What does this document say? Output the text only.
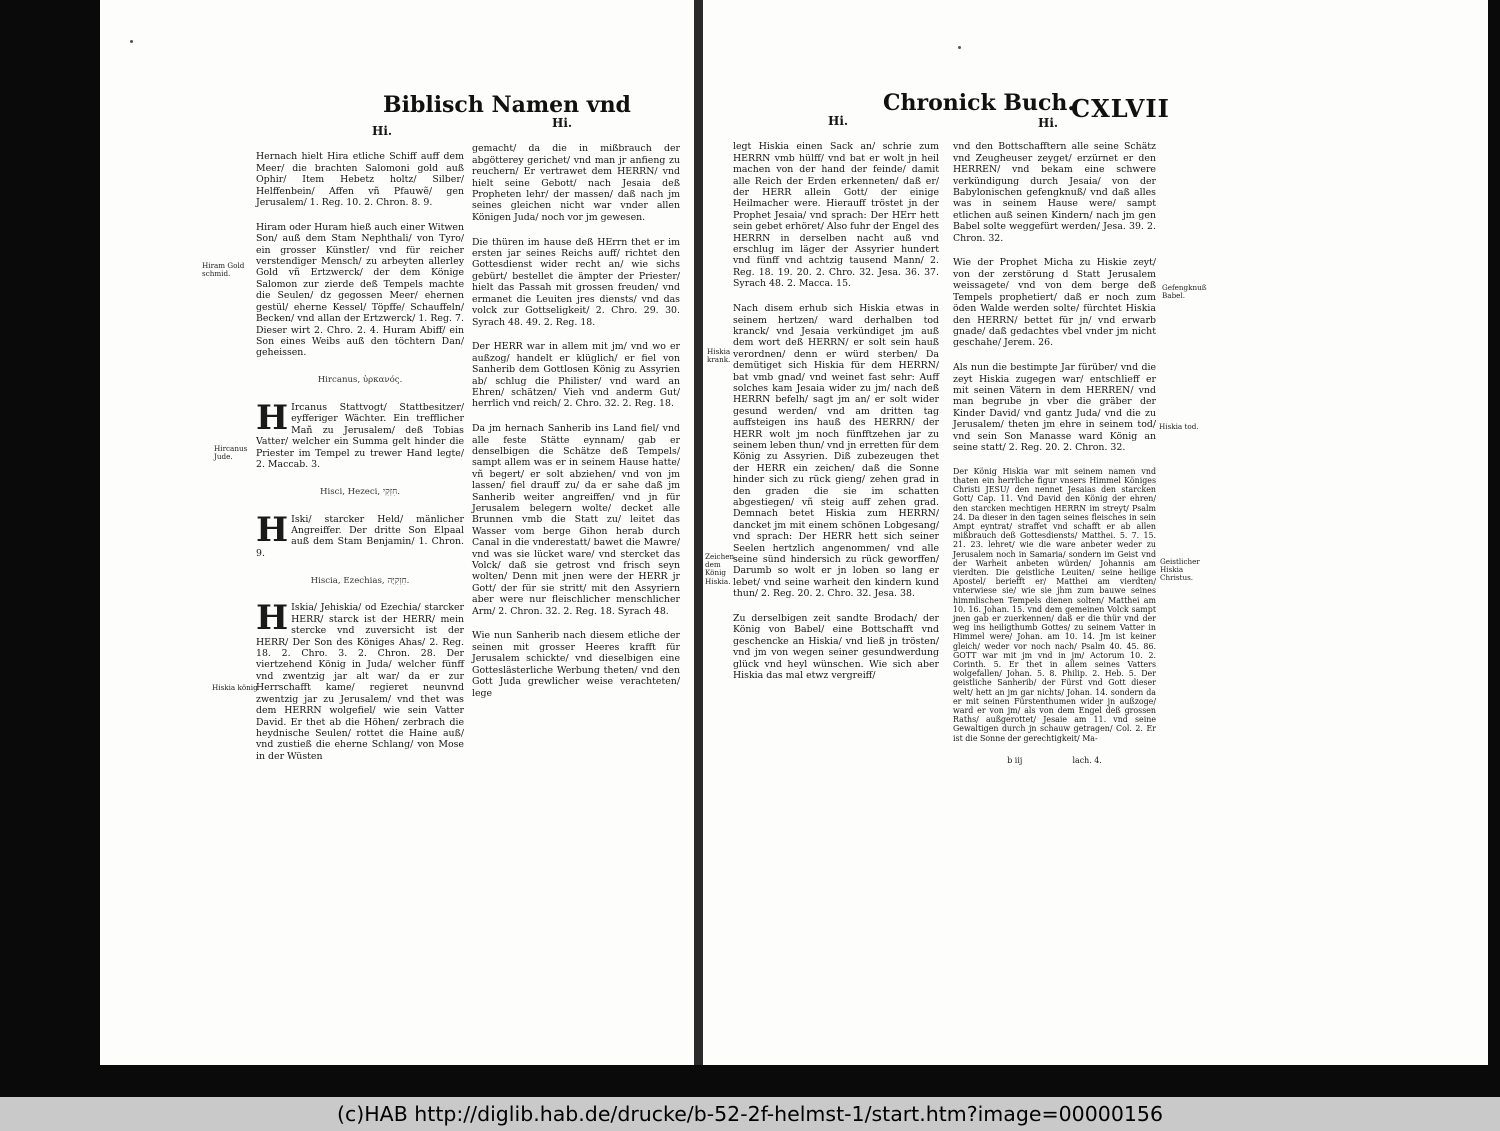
Biblisch Namen vnd
Hi.
Hi.
Hiram Gold schmid.
Hircanus Jude.
Hiskia könig

Hernach hielt Hira etliche Schiff auff dem Meer/ die brachten Salomoni gold auß Ophir/ Item Hebetz holtz/ Silber/ Helffenbein/ Affen vñ Pfauwẽ/ gen Jerusalem/ 1. Reg. 10. 2. Chron. 8. 9.

Hiram oder Huram hieß auch einer Witwen Son/ auß dem Stam Nephthali/ von Tyro/ ein grosser Künstler/ vnd für reicher verstendiger Mensch/ zu arbeyten allerley Gold vñ Ertzwerck/ der dem Könige Salomon zur zierde deß Tempels machte die Seulen/ dz gegossen Meer/ ehernen gestül/ eherne Kessel/ Töpffe/ Schauffeln/ Becken/ vnd allan der Ertzwerck/ 1. Reg. 7. Dieser wirt 2. Chro. 2. 4. Huram Abiff/ ein Son eines Weibs auß den töchtern Dan/ geheissen.

Hircanus, ὑρκανός.

H Ircanus Stattvogt/ Stattbesitzer/ eyfferiger Wächter. Ein trefflicher Mañ zu Jerusalem/ deß Tobias Vatter/ welcher ein Summa gelt hinder die Priester im Tempel zu trewer Hand legte/ 2. Maccab. 3.

Hisci, Hezeci, חִזְקִי.

H Iski/ starcker Held/ mänlicher Angreiffer. Der dritte Son Elpaal auß dem Stam Benjamin/ 1. Chron. 9.

Hiscia, Ezechias, חִזְקִיָּה.

H Iskia/ Jehiskia/ od Ezechia/ starcker HERR/ starck ist der HERR/ mein stercke vnd zuversicht ist der HERR/ Der Son des Königes Ahas/ 2. Reg. 18. 2. Chro. 3. 2. Chron. 28. Der viertzehend König in Juda/ welcher fünff vnd zwentzig jar alt war/ da er zur Herrschafft kame/ regieret neunvnd zwentzig jar zu Jerusalem/ vnd thet was dem HERRN wolgefiel/ wie sein Vatter David. Er thet ab die Höhen/ zerbrach die heydnische Seulen/ rottet die Haine auß/ vnd zustieß die eherne Schlang/ von Mose in der Wüsten

gemacht/ da die in mißbrauch der abgötterey gerichet/ vnd man jr anfieng zu reuchern/ Er vertrawet dem HERRN/ vnd hielt seine Gebott/ nach Jesaia deß Propheten lehr/ der massen/ daß nach jm seines gleichen nicht war vnder allen Königen Juda/ noch vor jm gewesen.

Die thüren im hause deß HErrn thet er im ersten jar seines Reichs auff/ richtet den Gottesdienst wider recht an/ wie sichs gebürt/ bestellet die ämpter der Priester/ hielt das Passah mit grossen freuden/ vnd ermanet die Leuiten jres diensts/ vnd das volck zur Gottseligkeit/ 2. Chro. 29. 30. Syrach 48. 49. 2. Reg. 18.

Der HERR war in allem mit jm/ vnd wo er außzog/ handelt er klüglich/ er fiel von Sanherib dem Gottlosen König zu Assyrien ab/ schlug die Philister/ vnd ward an Ehren/ schätzen/ Vieh vnd anderm Gut/ herrlich vnd reich/ 2. Chro. 32. 2. Reg. 18.

Da jm hernach Sanherib ins Land fiel/ vnd alle feste Stätte eynnam/ gab er denselbigen die Schätze deß Tempels/ sampt allem was er in seinem Hause hatte/ vñ begert/ er solt abziehen/ vnd von jm lassen/ fiel drauff zu/ da er sahe daß jm Sanherib weiter angreiffen/ vnd jn für Jerusalem belegern wolte/ decket alle Brunnen vmb die Statt zu/ leitet das Wasser vom berge Gihon herab durch Canal in die vnderestatt/ bawet die Mawre/ vnd was sie lücket ware/ vnd stercket das Volck/ daß sie getrost vnd frisch seyn wolten/ Denn mit jnen were der HERR jr Gott/ der für sie stritt/ mit den Assyriern aber were nur fleischlicher menschlicher Arm/ 2. Chron. 32. 2. Reg. 18. Syrach 48.

Wie nun Sanherib nach diesem etliche der seinen mit grosser Heeres krafft für Jerusalem schickte/ vnd dieselbigen eine Gotteslästerliche Werbung theten/ vnd den Gott Juda grewlicher weise verachteten/ lege

Chronick Buch.
CXLVII
Hi.	Hi.
Hiskia krank.
Zeichen dem König Hiskia.
Gefengknuß Babel.
Hiskia tod.
Geistlicher Hiskia Christus.

legt Hiskia einen Sack an/ schrie zum HERRN vmb hülff/ vnd bat er wolt jn heil machen von der hand der feinde/ damit alle Reich der Erden erkenneten/ daß er/ der HERR allein Gott/ der einige Heilmacher were. Hierauff tröstet jn der Prophet Jesaia/ vnd sprach: Der HErr hett sein gebet erhöret/ Also fuhr der Engel des HERRN in derselben nacht auß vnd erschlug im läger der Assyrier hundert vnd fünff vnd achtzig tausend Mann/ 2. Reg. 18. 19. 20. 2. Chro. 32. Jesa. 36. 37. Syrach 48. 2. Macca. 15.

Nach disem erhub sich Hiskia etwas in seinem hertzen/ ward derhalben tod kranck/ vnd Jesaia verkündiget jm auß dem wort deß HERRN/ er solt sein hauß verordnen/ denn er würd sterben/ Da demütiget sich Hiskia für dem HERRN/ bat vmb gnad/ vnd weinet fast sehr: Auff solches kam Jesaia wider zu jm/ nach deß HERRN befelh/ sagt jm an/ er solt wider gesund werden/ vnd am dritten tag auffsteigen ins hauß des HERRN/ der HERR wolt jm noch fünfftzehen jar zu seinem leben thun/ vnd jn erretten für dem König zu Assyrien. Diß zubezeugen thet der HERR ein zeichen/ daß die Sonne hinder sich zu rück gieng/ zehen grad in den graden die sie im schatten abgestiegen/ vñ steig auff zehen grad. Demnach betet Hiskia zum HERRN/ dancket jm mit einem schönen Lobgesang/ vnd sprach: Der HERR hett sich seiner Seelen hertzlich angenommen/ vnd alle seine sünd hindersich zu rück geworffen/ Darumb so wolt er jn loben so lang er lebet/ vnd seine warheit den kindern kund thun/ 2. Reg. 20. 2. Chro. 32. Jesa. 38.

Zu derselbigen zeit sandte Brodach/ der König von Babel/ eine Bottschafft vnd geschencke an Hiskia/ vnd ließ jn trösten/ vnd jm von wegen seiner gesundwerdung glück vnd heyl wünschen. Wie sich aber Hiskia das mal etwz vergreiff/

vnd den Bottschafftern alle seine Schätz vnd Zeugheuser zeyget/ erzürnet er den HERREN/ vnd bekam eine schwere verkündigung durch Jesaia/ von der Babylonischen gefengknuß/ vnd daß alles was in seinem Hause were/ sampt etlichen auß seinen Kindern/ nach jm gen Babel solte weggefürt werden/ Jesa. 39. 2. Chron. 32.

Wie der Prophet Micha zu Hiskie zeyt/ von der zerstörung d Statt Jerusalem weissagete/ vnd von dem berge deß Tempels prophetiert/ daß er noch zum öden Walde werden solte/ fürchtet Hiskia den HERRN/ bettet für jn/ vnd erwarb gnade/ daß gedachtes vbel vnder jm nicht geschahe/ Jerem. 26.

Als nun die bestimpte Jar fürüber/ vnd die zeyt Hiskia zugegen war/ entschlieff er mit seinen Vätern in dem HERREN/ vnd man begrube jn vber die gräber der Kinder David/ vnd gantz Juda/ vnd die zu Jerusalem/ theten jm ehre in seinem tod/ vnd sein Son Manasse ward König an seine statt/ 2. Reg. 20. 2. Chron. 32.

Der König Hiskia war mit seinem namen vnd thaten ein herrliche figur vnsers Himmel Königes Christi JESU/ den nennet Jesaias den starcken Gott/ Cap. 11. Vnd David den König der ehren/ den starcken mechtigen HERRN im streyt/ Psalm 24. Da dieser in den tagen seines fleisches in sein Ampt eyntrat/ straffet vnd schafft er ab allen mißbrauch deß Gottesdiensts/ Matthei. 5. 7. 15. 21. 23. lehret/ wie die ware anbeter weder zu Jerusalem noch in Samaria/ sondern im Geist vnd der Warheit anbeten würden/ Johannis am vierdten. Die geistliche Leuiten/ seine heilige Apostel/ beriefft er/ Matthei am vierdten/ vnterwiese sie/ wie sie jhm zum bauwe seines himmlischen Tempels dienen solten/ Matthei am 10. 16. Johan. 15. vnd dem gemeinen Volck sampt jnen gab er zuerkennen/ daß er die thür vnd der weg ins heiligthumb Gottes/ zu seinem Vatter in Himmel were/ Johan. am 10. 14. Jm ist keiner gleich/ weder vor noch nach/ Psalm 40. 45. 86. GOTT war mit jm vnd in jm/ Actorum 10. 2. Corinth. 5. Er thet in allem seines Vatters wolgefallen/ Johan. 5. 8. Philip. 2. Heb. 5. Der geistliche Sanherib/ der Fürst vnd Gott dieser welt/ hett an jm gar nichts/ Johan. 14. sondern da er mit seinen Fürstenthumen wider jn außzoge/ ward er von jm/ als von dem Engel deß grossen Raths/ außgerottet/ Jesaie am 11. vnd seine Gewaltigen durch jn schauw getragen/ Col. 2. Er ist die Sonne der gerechtigkeit/ Ma-

b iij                    lach. 4.

(c)HAB http://diglib.hab.de/drucke/b-52-2f-helmst-1/start.htm?image=00000156
